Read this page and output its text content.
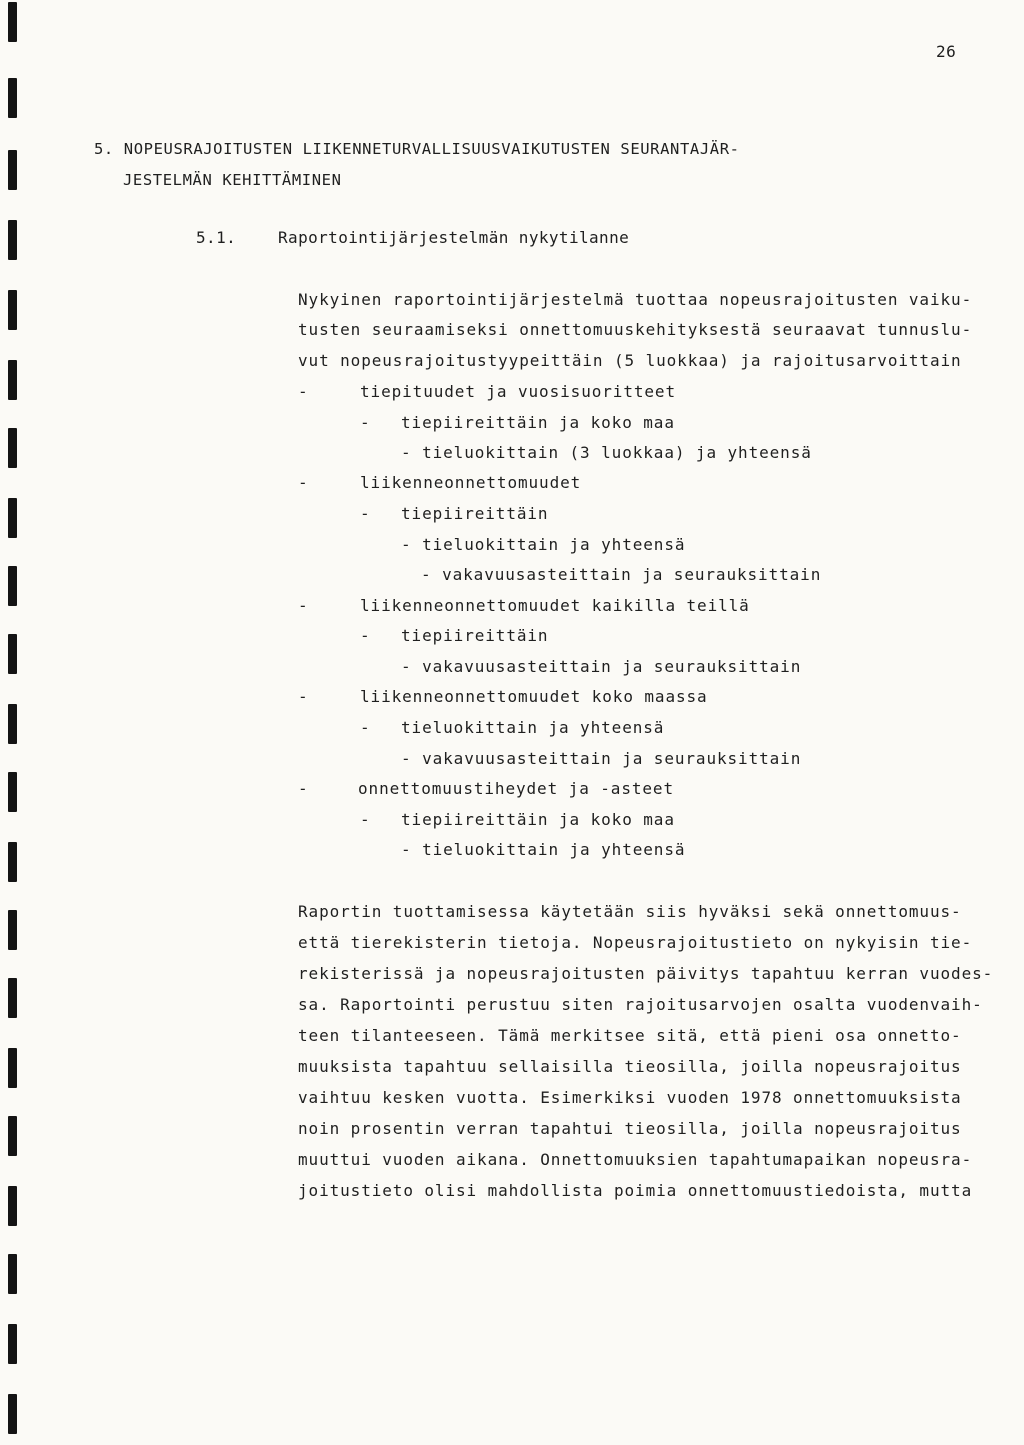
26
5. NOPEUSRAJOITUSTEN LIIKENNETURVALLISUUSVAIKUTUSTEN SEURANTAJÄR-
JESTELMÄN KEHITTÄMINEN
5.1.	Raportointijärjestelmän nykytilanne
Nykyinen raportointijärjestelmä tuottaa nopeusrajoitusten vaiku-
tusten seuraamiseksi onnettomuuskehityksestä seuraavat tunnuslu-
vut nopeusrajoitustyypeittäin (5 luokkaa) ja rajoitusarvoittain
-	tiepituudet ja vuosisuoritteet
- tiepiireittäin ja koko maa
- tieluokittain (3 luokkaa) ja yhteensä
-	liikenneonnettomuudet
- tiepiireittäin
- tieluokittain ja yhteensä
- vakavuusasteittain ja seurauksittain
-	liikenneonnettomuudet kaikilla teillä
- tiepiireittäin
- vakavuusasteittain ja seurauksittain
-	liikenneonnettomuudet koko maassa
- tieluokittain ja yhteensä
- vakavuusasteittain ja seurauksittain
-	onnettomuustiheydet ja -asteet
- tiepiireittäin ja koko maa
- tieluokittain ja yhteensä
Raportin tuottamisessa käytetään siis hyväksi sekä onnettomuus-
että tierekisterin tietoja. Nopeusrajoitustieto on nykyisin tie-
rekisterissä ja nopeusrajoitusten päivitys tapahtuu kerran vuodes-
sa. Raportointi perustuu siten rajoitusarvojen osalta vuodenvaih-
teen tilanteeseen. Tämä merkitsee sitä, että pieni osa onnetto-
muuksista tapahtuu sellaisilla tieosilla, joilla nopeusrajoitus
vaihtuu kesken vuotta. Esimerkiksi vuoden 1978 onnettomuuksista
noin prosentin verran tapahtui tieosilla, joilla nopeusrajoitus
muuttui vuoden aikana. Onnettomuuksien tapahtumapaikan nopeusra-
joitustieto olisi mahdollista poimia onnettomuustiedoista, mutta
